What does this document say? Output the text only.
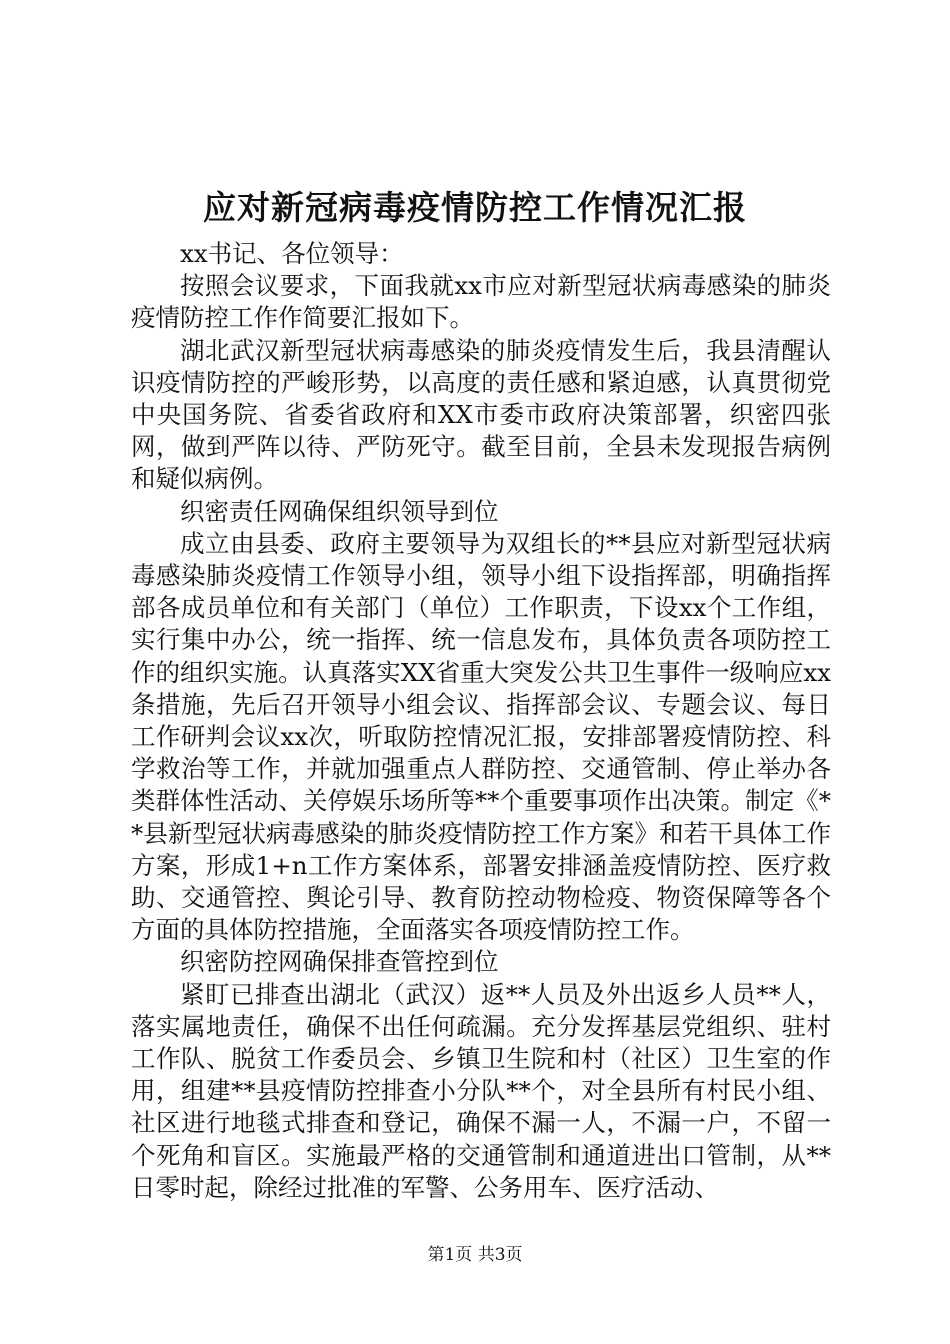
应对新冠病毒疫情防控工作情况汇报

xx书记、各位领导：

按照会议要求，下面我就xx市应对新型冠状病毒感染的肺炎疫情防控工作作简要汇报如下。

湖北武汉新型冠状病毒感染的肺炎疫情发生后，我县清醒认识疫情防控的严峻形势，以高度的责任感和紧迫感，认真贯彻党中央国务院、省委省政府和XX市委市政府决策部署，织密四张网，做到严阵以待、严防死守。截至目前，全县未发现报告病例和疑似病例。

织密责任网确保组织领导到位

成立由县委、政府主要领导为双组长的**县应对新型冠状病毒感染肺炎疫情工作领导小组，领导小组下设指挥部，明确指挥部各成员单位和有关部门（单位）工作职责，下设xx个工作组，实行集中办公，统一指挥、统一信息发布，具体负责各项防控工作的组织实施。认真落实XX省重大突发公共卫生事件一级响应xx条措施，先后召开领导小组会议、指挥部会议、专题会议、每日工作研判会议xx次，听取防控情况汇报，安排部署疫情防控、科学救治等工作，并就加强重点人群防控、交通管制、停止举办各类群体性活动、关停娱乐场所等**个重要事项作出决策。制定《**县新型冠状病毒感染的肺炎疫情防控工作方案》和若干具体工作方案，形成1+n工作方案体系，部署安排涵盖疫情防控、医疗救助、交通管控、舆论引导、教育防控动物检疫、物资保障等各个方面的具体防控措施，全面落实各项疫情防控工作。

织密防控网确保排查管控到位

紧盯已排查出湖北（武汉）返**人员及外出返乡人员**人，落实属地责任，确保不出任何疏漏。充分发挥基层党组织、驻村工作队、脱贫工作委员会、乡镇卫生院和村（社区）卫生室的作用，组建**县疫情防控排查小分队**个，对全县所有村民小组、社区进行地毯式排查和登记，确保不漏一人，不漏一户，不留一个死角和盲区。实施最严格的交通管制和通道进出口管制，从**日零时起，除经过批准的军警、公务用车、医疗活动、

第1页 共3页
